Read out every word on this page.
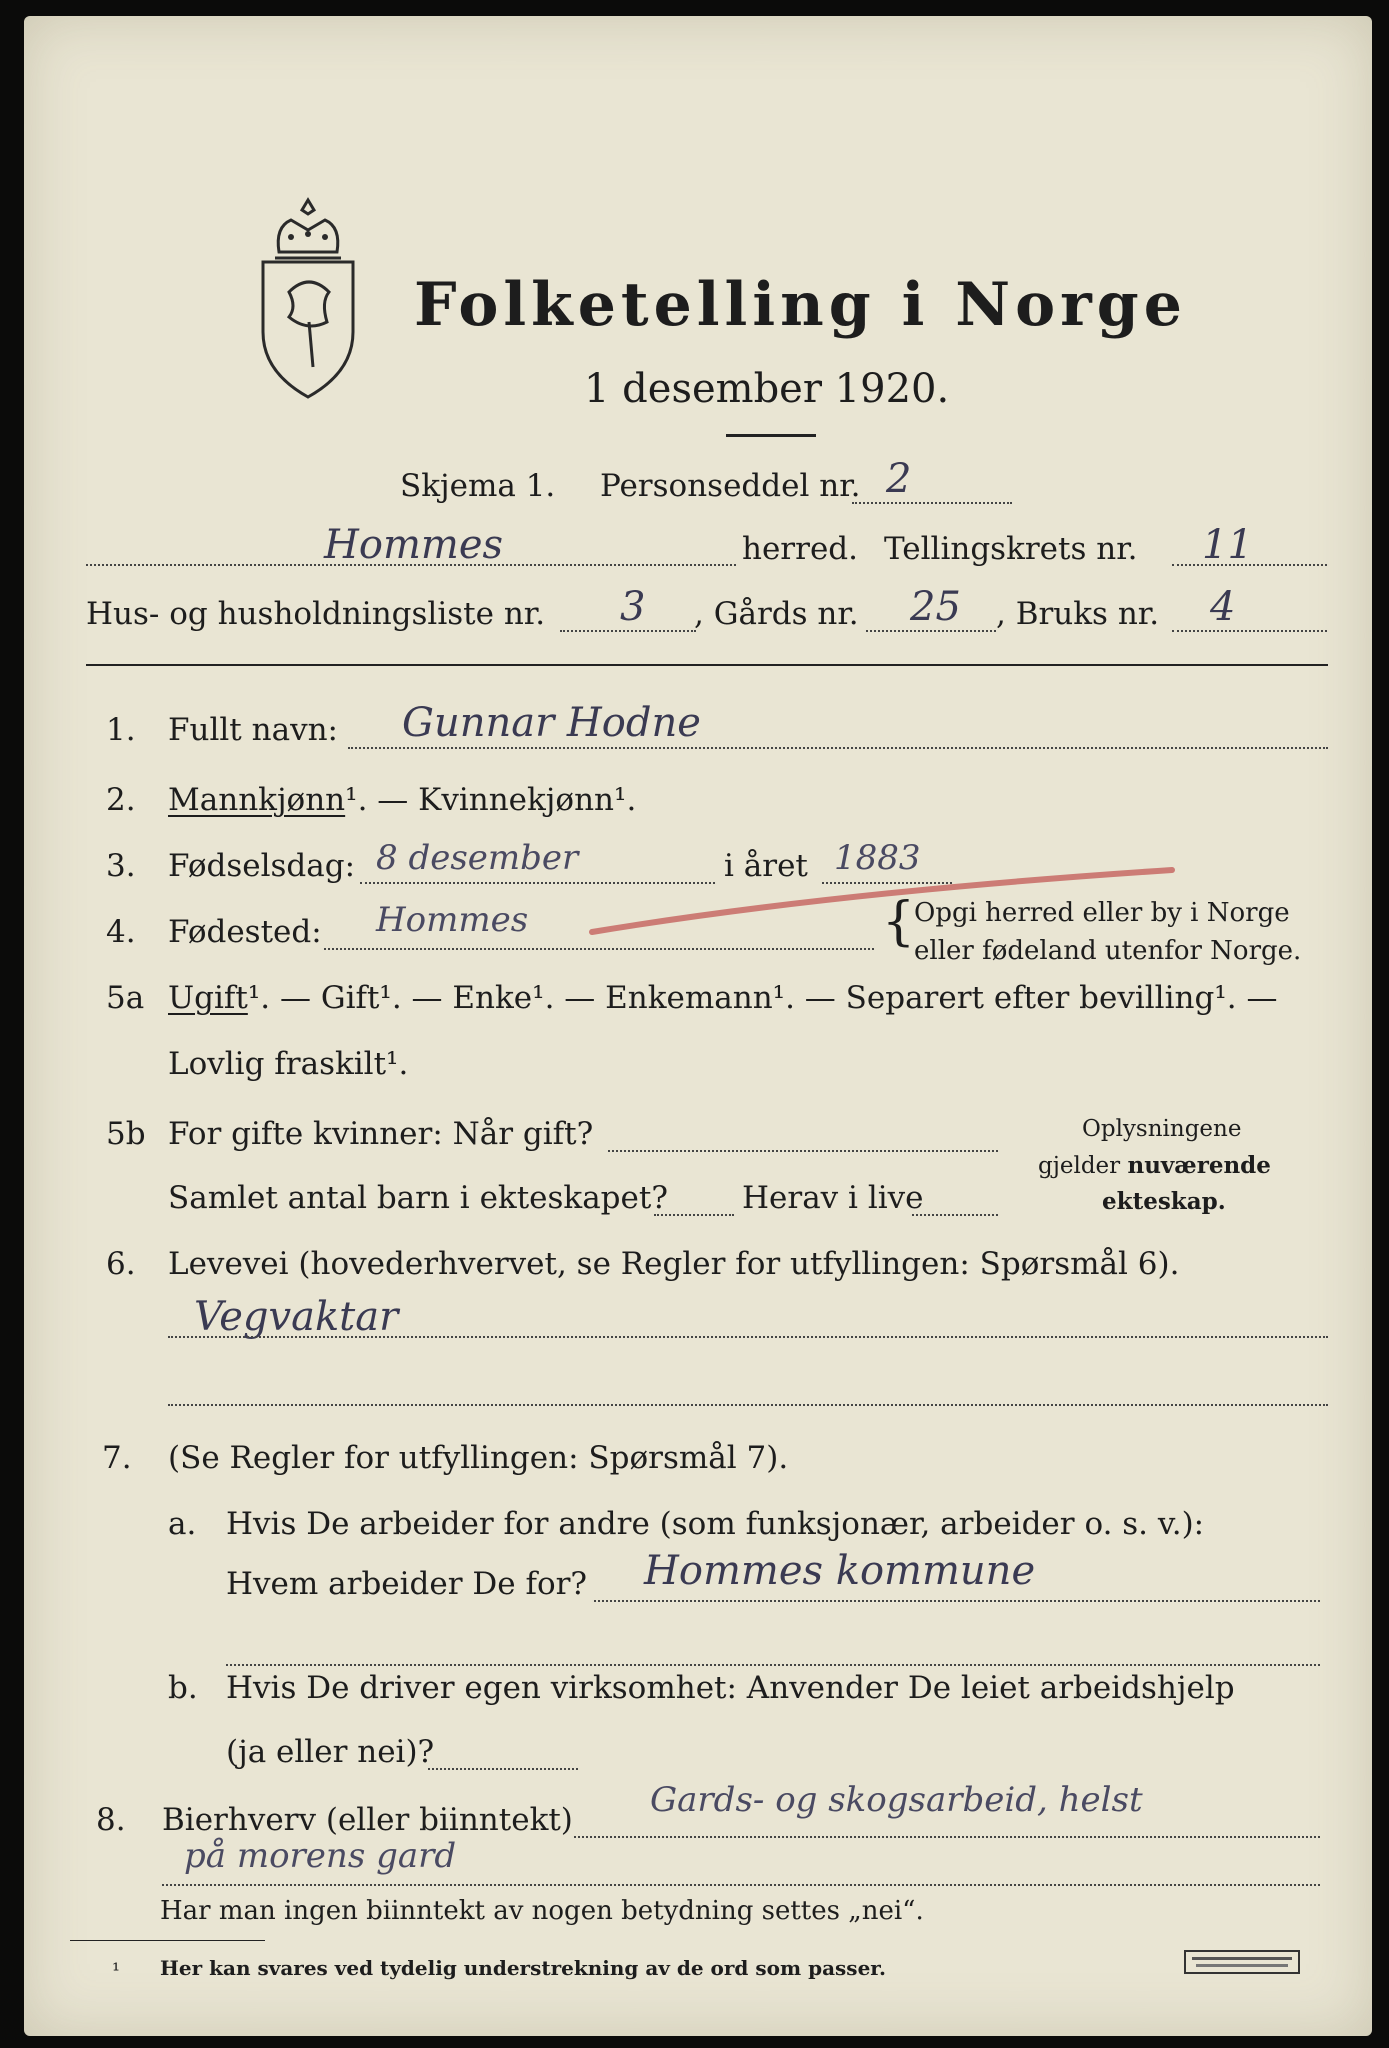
Folketelling i Norge
1 desember 1920.
Skjema 1. Personseddel nr. 2
Hommes	herred. Tellingskrets nr. 11
Hus- og husholdningsliste nr. 3 , Gårds nr. 25 , Bruks nr. 4
1. Fullt navn: Gunnar Hodne
2. Mannkjønn¹. — Kvinnekjønn¹.
3. Fødselsdag: 8 desember	i året 1883
4. Fødested: Hommes	{
Opgi herred eller by i Norge
eller fødeland utenfor Norge.
5a Ugift¹. — Gift¹. — Enke¹. — Enkemann¹. — Separert efter bevilling¹. —
Lovlig fraskilt¹.
5b For gifte kvinner: Når gift?
Samlet antal barn i ekteskapet? Herav i live
Oplysningene
gjelder nuværende
ekteskap.
6. Levevei (hovederhvervet, se Regler for utfyllingen: Spørsmål 6).
Vegvaktar
7. (Se Regler for utfyllingen: Spørsmål 7).
a. Hvis De arbeider for andre (som funksjonær, arbeider o. s. v.):
Hvem arbeider De for? Hommes kommune
b. Hvis De driver egen virksomhet: Anvender De leiet arbeidshjelp
(ja eller nei)?
8. Bierhverv (eller biinntekt) Gards- og skogsarbeid, helst
på morens gard
Har man ingen biinntekt av nogen betydning settes „nei“.
¹ Her kan svares ved tydelig understrekning av de ord som passer.
